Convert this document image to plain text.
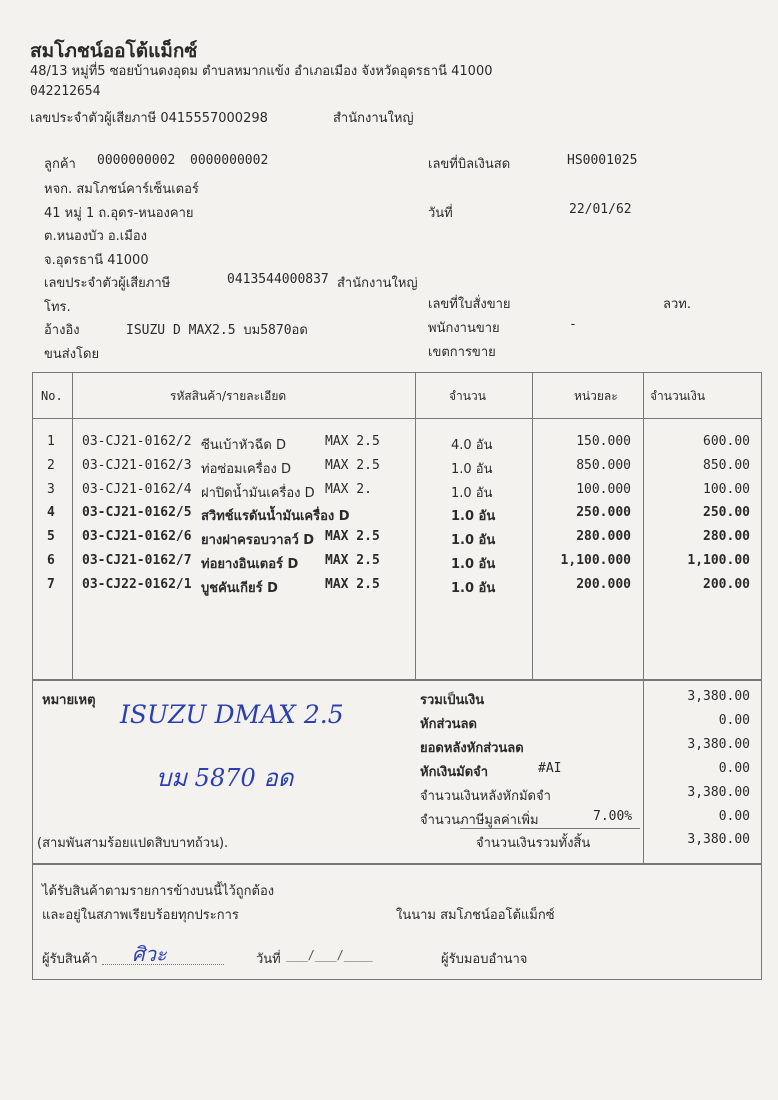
สมโภชน์ออโต้แม็กซ์
48/13 หมู่ที่5 ซอยบ้านดงอุดม ตำบลหมากแข้ง อำเภอเมือง จังหวัดอุดรธานี 41000
042212654
เลขประจำตัวผู้เสียภาษี 0415557000298	สำนักงานใหญ่
ลูกค้า 0000000002 0000000002
หจก. สมโภชน์คาร์เซ็นเตอร์
41 หมู่ 1 ถ.อุดร-หนองคาย
ต.หนองบัว อ.เมือง
จ.อุดรธานี 41000
เลขประจำตัวผู้เสียภาษี	0413544000837 สำนักงานใหญ่
โทร.
อ้างอิง	ISUZU D MAX2.5 บม5870อด
ขนส่งโดย
เลขที่บิลเงินสด	HS0001025
วันที่	22/01/62
เลขที่ใบสั่งขาย	ลวท.
พนักงานขาย	-
เขตการขาย
No.	รหัสสินค้า/รายละเอียด	จำนวน	หน่วยละ	จำนวนเงิน
1 03-CJ21-0162/2 ซีนเบ้าหัวฉีด D	MAX 2.5	4.0 อัน	150.000	600.00
2 03-CJ21-0162/3 ท่อซ่อมเครื่อง D	MAX 2.5	1.0 อัน	850.000	850.00
3 03-CJ21-0162/4 ฝาปิดน้ำมันเครื่อง D MAX 2.	1.0 อัน	100.000	100.00
4 03-CJ21-0162/5 สวิทช์แรดันน้ำมันเครื่อง D	1.0 อัน	250.000	250.00
5 03-CJ21-0162/6 ยางฝาครอบวาลว์ D MAX 2.5	1.0 อัน	280.000	280.00
6 03-CJ21-0162/7 ท่อยางอินเตอร์ D MAX 2.5	1.0 อัน	1,100.000	1,100.00
7 03-CJ22-0162/1 บูชคันเกียร์ D	MAX 2.5	1.0 อัน	200.000	200.00
หมายเหตุ ISUZU DMAX 2.5
บม 5870 อด
(สามพันสามร้อยแปดสิบบาทถ้วน).
รวมเป็นเงิน	3,380.00
หักส่วนลด	0.00
ยอดหลังหักส่วนลด	3,380.00
หักเงินมัดจำ	#AI	0.00
จำนวนเงินหลังหักมัดจำ	3,380.00
จำนวนภาษีมูลค่าเพิ่ม	7.00%	0.00
จำนวนเงินรวมทั้งสิ้น	3,380.00
ได้รับสินค้าตามรายการข้างบนนี้ไว้ถูกต้อง
และอยู่ในสภาพเรียบร้อยทุกประการ	ในนาม สมโภชน์ออโต้แม็กซ์
ผู้รับสินค้า ศิวะ	วันที่ ___/___/____	ผู้รับมอบอำนาจ
